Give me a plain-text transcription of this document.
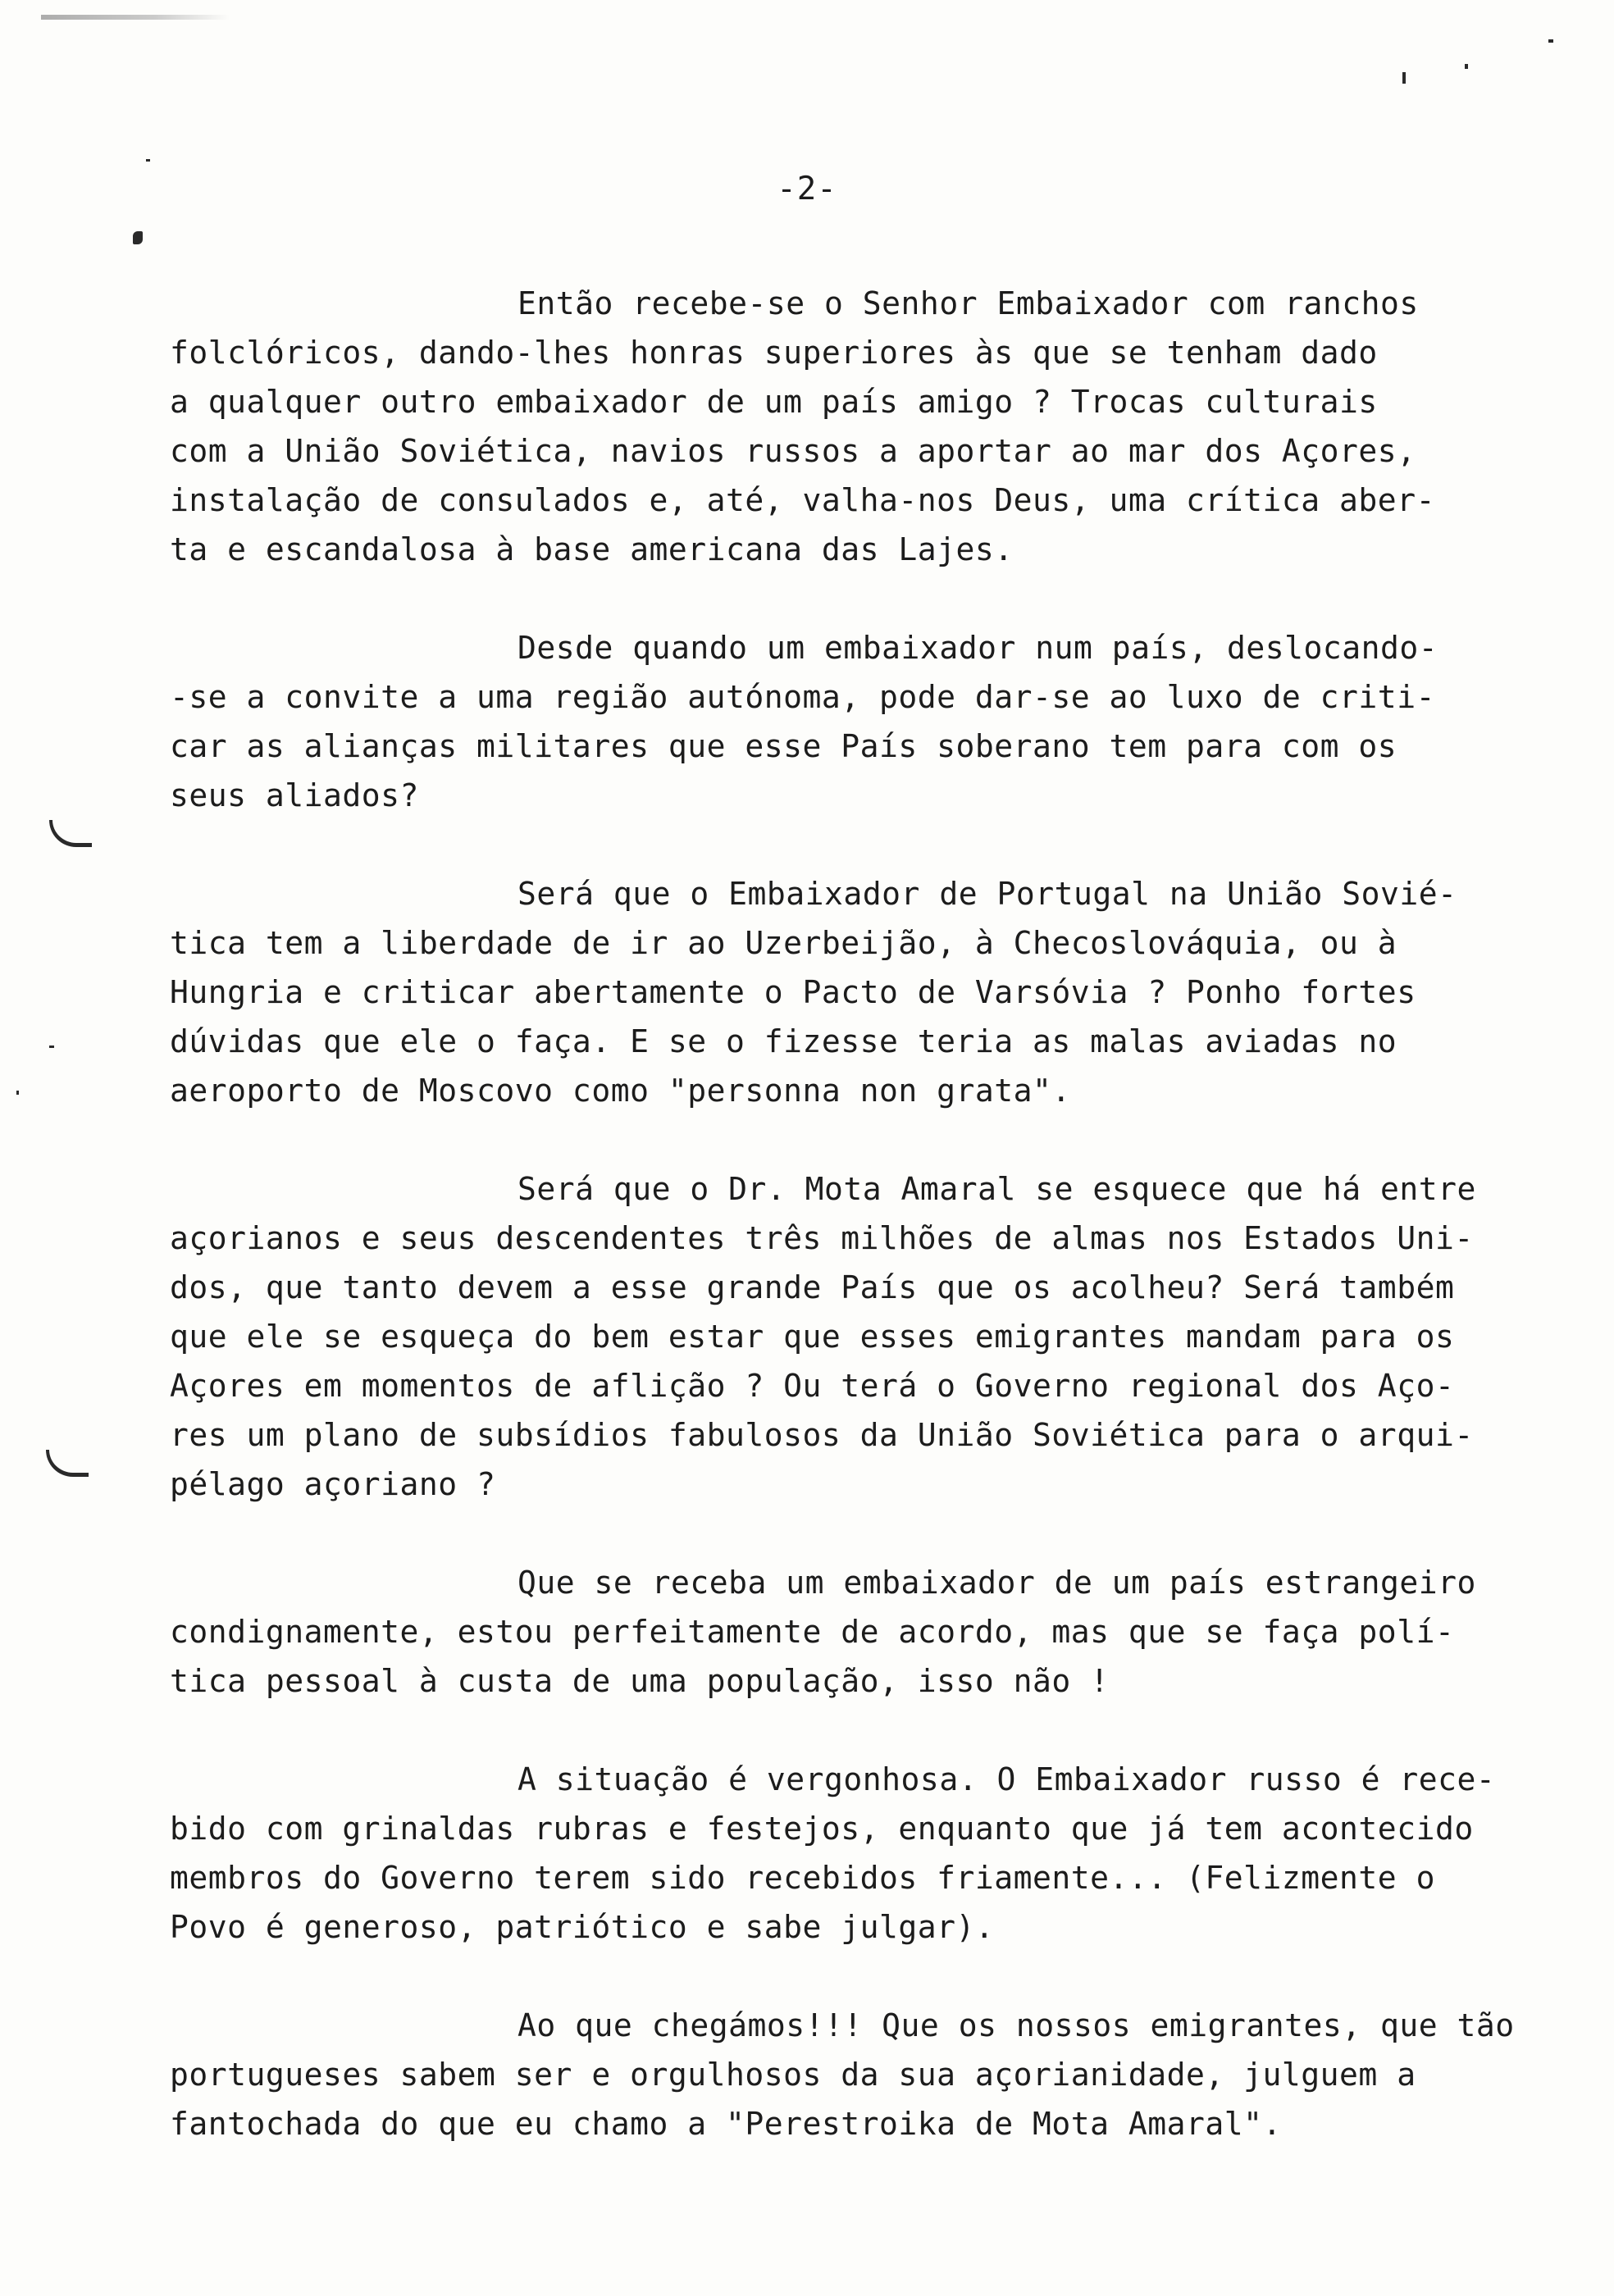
-2-
Então recebe-se o Senhor Embaixador com ranchos
folclóricos, dando-lhes honras superiores às que se tenham dado
a qualquer outro embaixador de um país amigo ? Trocas culturais
com a União Soviética, navios russos a aportar ao mar dos Açores,
instalação de consulados e, até, valha-nos Deus, uma crítica aber-
ta e escandalosa à base americana das Lajes.
Desde quando um embaixador num país, deslocando-
-se a convite a uma região autónoma, pode dar-se ao luxo de criti-
car as alianças militares que esse País soberano tem para com os
seus aliados?
Será que o Embaixador de Portugal na União Sovié-
tica tem a liberdade de ir ao Uzerbeijão, à Checoslováquia, ou à
Hungria e criticar abertamente o Pacto de Varsóvia ? Ponho fortes
dúvidas que ele o faça. E se o fizesse teria as malas aviadas no
aeroporto de Moscovo como "personna non grata".
Será que o Dr. Mota Amaral se esquece que há entre
açorianos e seus descendentes três milhões de almas nos Estados Uni-
dos, que tanto devem a esse grande País que os acolheu? Será também
que ele se esqueça do bem estar que esses emigrantes mandam para os
Açores em momentos de aflição ? Ou terá o Governo regional dos Aço-
res um plano de subsídios fabulosos da União Soviética para o arqui-
pélago açoriano ?
Que se receba um embaixador de um país estrangeiro
condignamente, estou perfeitamente de acordo, mas que se faça polí-
tica pessoal à custa de uma população, isso não !
A situação é vergonhosa. O Embaixador russo é rece-
bido com grinaldas rubras e festejos, enquanto que já tem acontecido
membros do Governo terem sido recebidos friamente... (Felizmente o
Povo é generoso, patriótico e sabe julgar).
Ao que chegámos!!! Que os nossos emigrantes, que tão
portugueses sabem ser e orgulhosos da sua açorianidade, julguem a
fantochada do que eu chamo a "Perestroika de Mota Amaral".
